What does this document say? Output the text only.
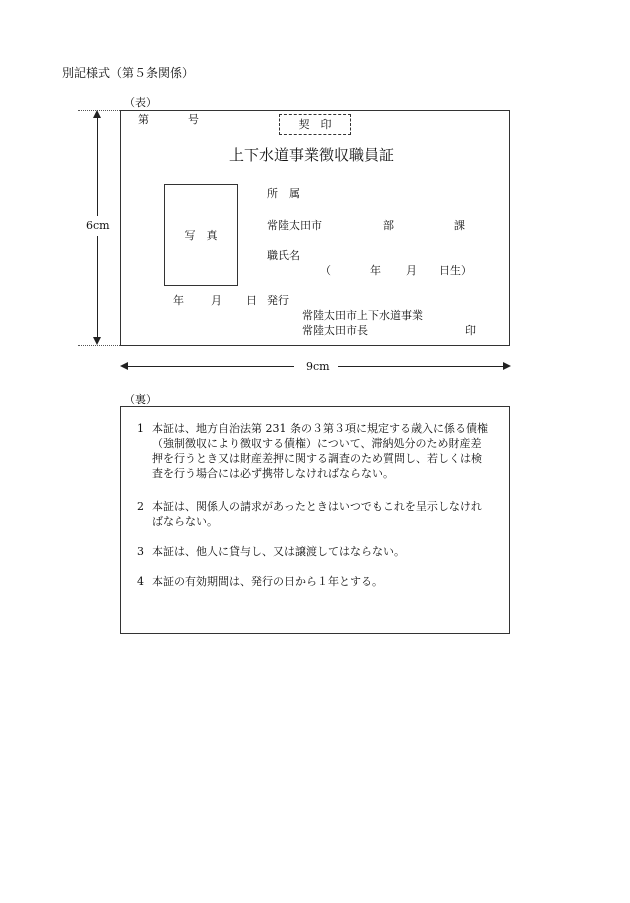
別記様式（第５条関係）
（表）
6cm
第	号	契　印
上下水道事業徴収職員証
写　真
所　属
常陸太田市	部	課
職氏名
（	年 月 日生）
年 月 日 発行
常陸太田市上下水道事業
常陸太田市長	印
9cm
（裏）
1 本証は、地方自治法第 231 条の３第３項に規定する歳入に係る債権（強制徴収により徴収する債権）について、滞納処分のため財産差押を行うとき又は財産差押に関する調査のため質問し、若しくは検査を行う場合には必ず携帯しなければならない。
2 本証は、関係人の請求があったときはいつでもこれを呈示しなければならない。
3 本証は、他人に貸与し、又は譲渡してはならない。
4 本証の有効期間は、発行の日から１年とする。
